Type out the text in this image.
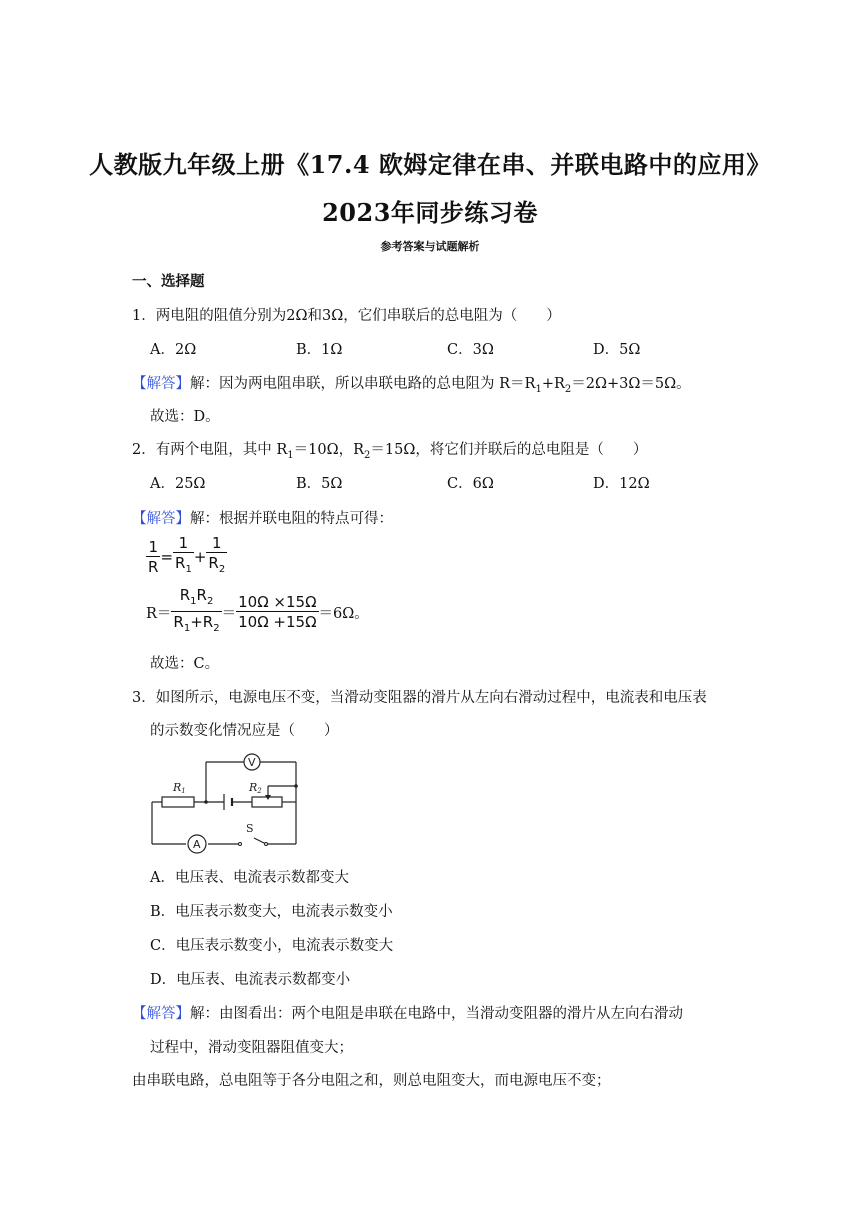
人教版九年级上册《17.4 欧姆定律在串、并联电路中的应用》
2023年同步练习卷
参考答案与试题解析
一、选择题
1．两电阻的阻值分别为2Ω和3Ω，它们串联后的总电阻为（　　）
A．2Ω	B．1Ω	C．3Ω	D．5Ω
【解答】解：因为两电阻串联，所以串联电路的总电阻为 $R=R_1+R_2=2\Omega+3\Omega=5\Omega$。
故选：D。
2．有两个电阻，其中 $R_1=10\Omega$，$R_2=15\Omega$，将它们并联后的总电阻是（　　）
A．25Ω	B．5Ω	C．6Ω	D．12Ω
【解答】解：根据并联电阻的特点可得：
$\frac{1}{R} = \frac{1}{R_1} + \frac{1}{R_2}$
$R= \frac{R_1R_2}{R_1+R_2} = \frac{10\Omega \times 15\Omega}{10\Omega +15\Omega} =6\Omega$。
故选：C。
3．如图所示，电源电压不变，当滑动变阻器的滑片从左向右滑动过程中，电流表和电压表
的示数变化情况应是（　　）
R1	R2
V
A
S
A．电压表、电流表示数都变大
B．电压表示数变大，电流表示数变小
C．电压表示数变小，电流表示数变大
D．电压表、电流表示数都变小
【解答】解：由图看出：两个电阻是串联在电路中，当滑动变阻器的滑片从左向右滑动
过程中，滑动变阻器阻值变大；
由串联电路，总电阻等于各分电阻之和，则总电阻变大，而电源电压不变；
